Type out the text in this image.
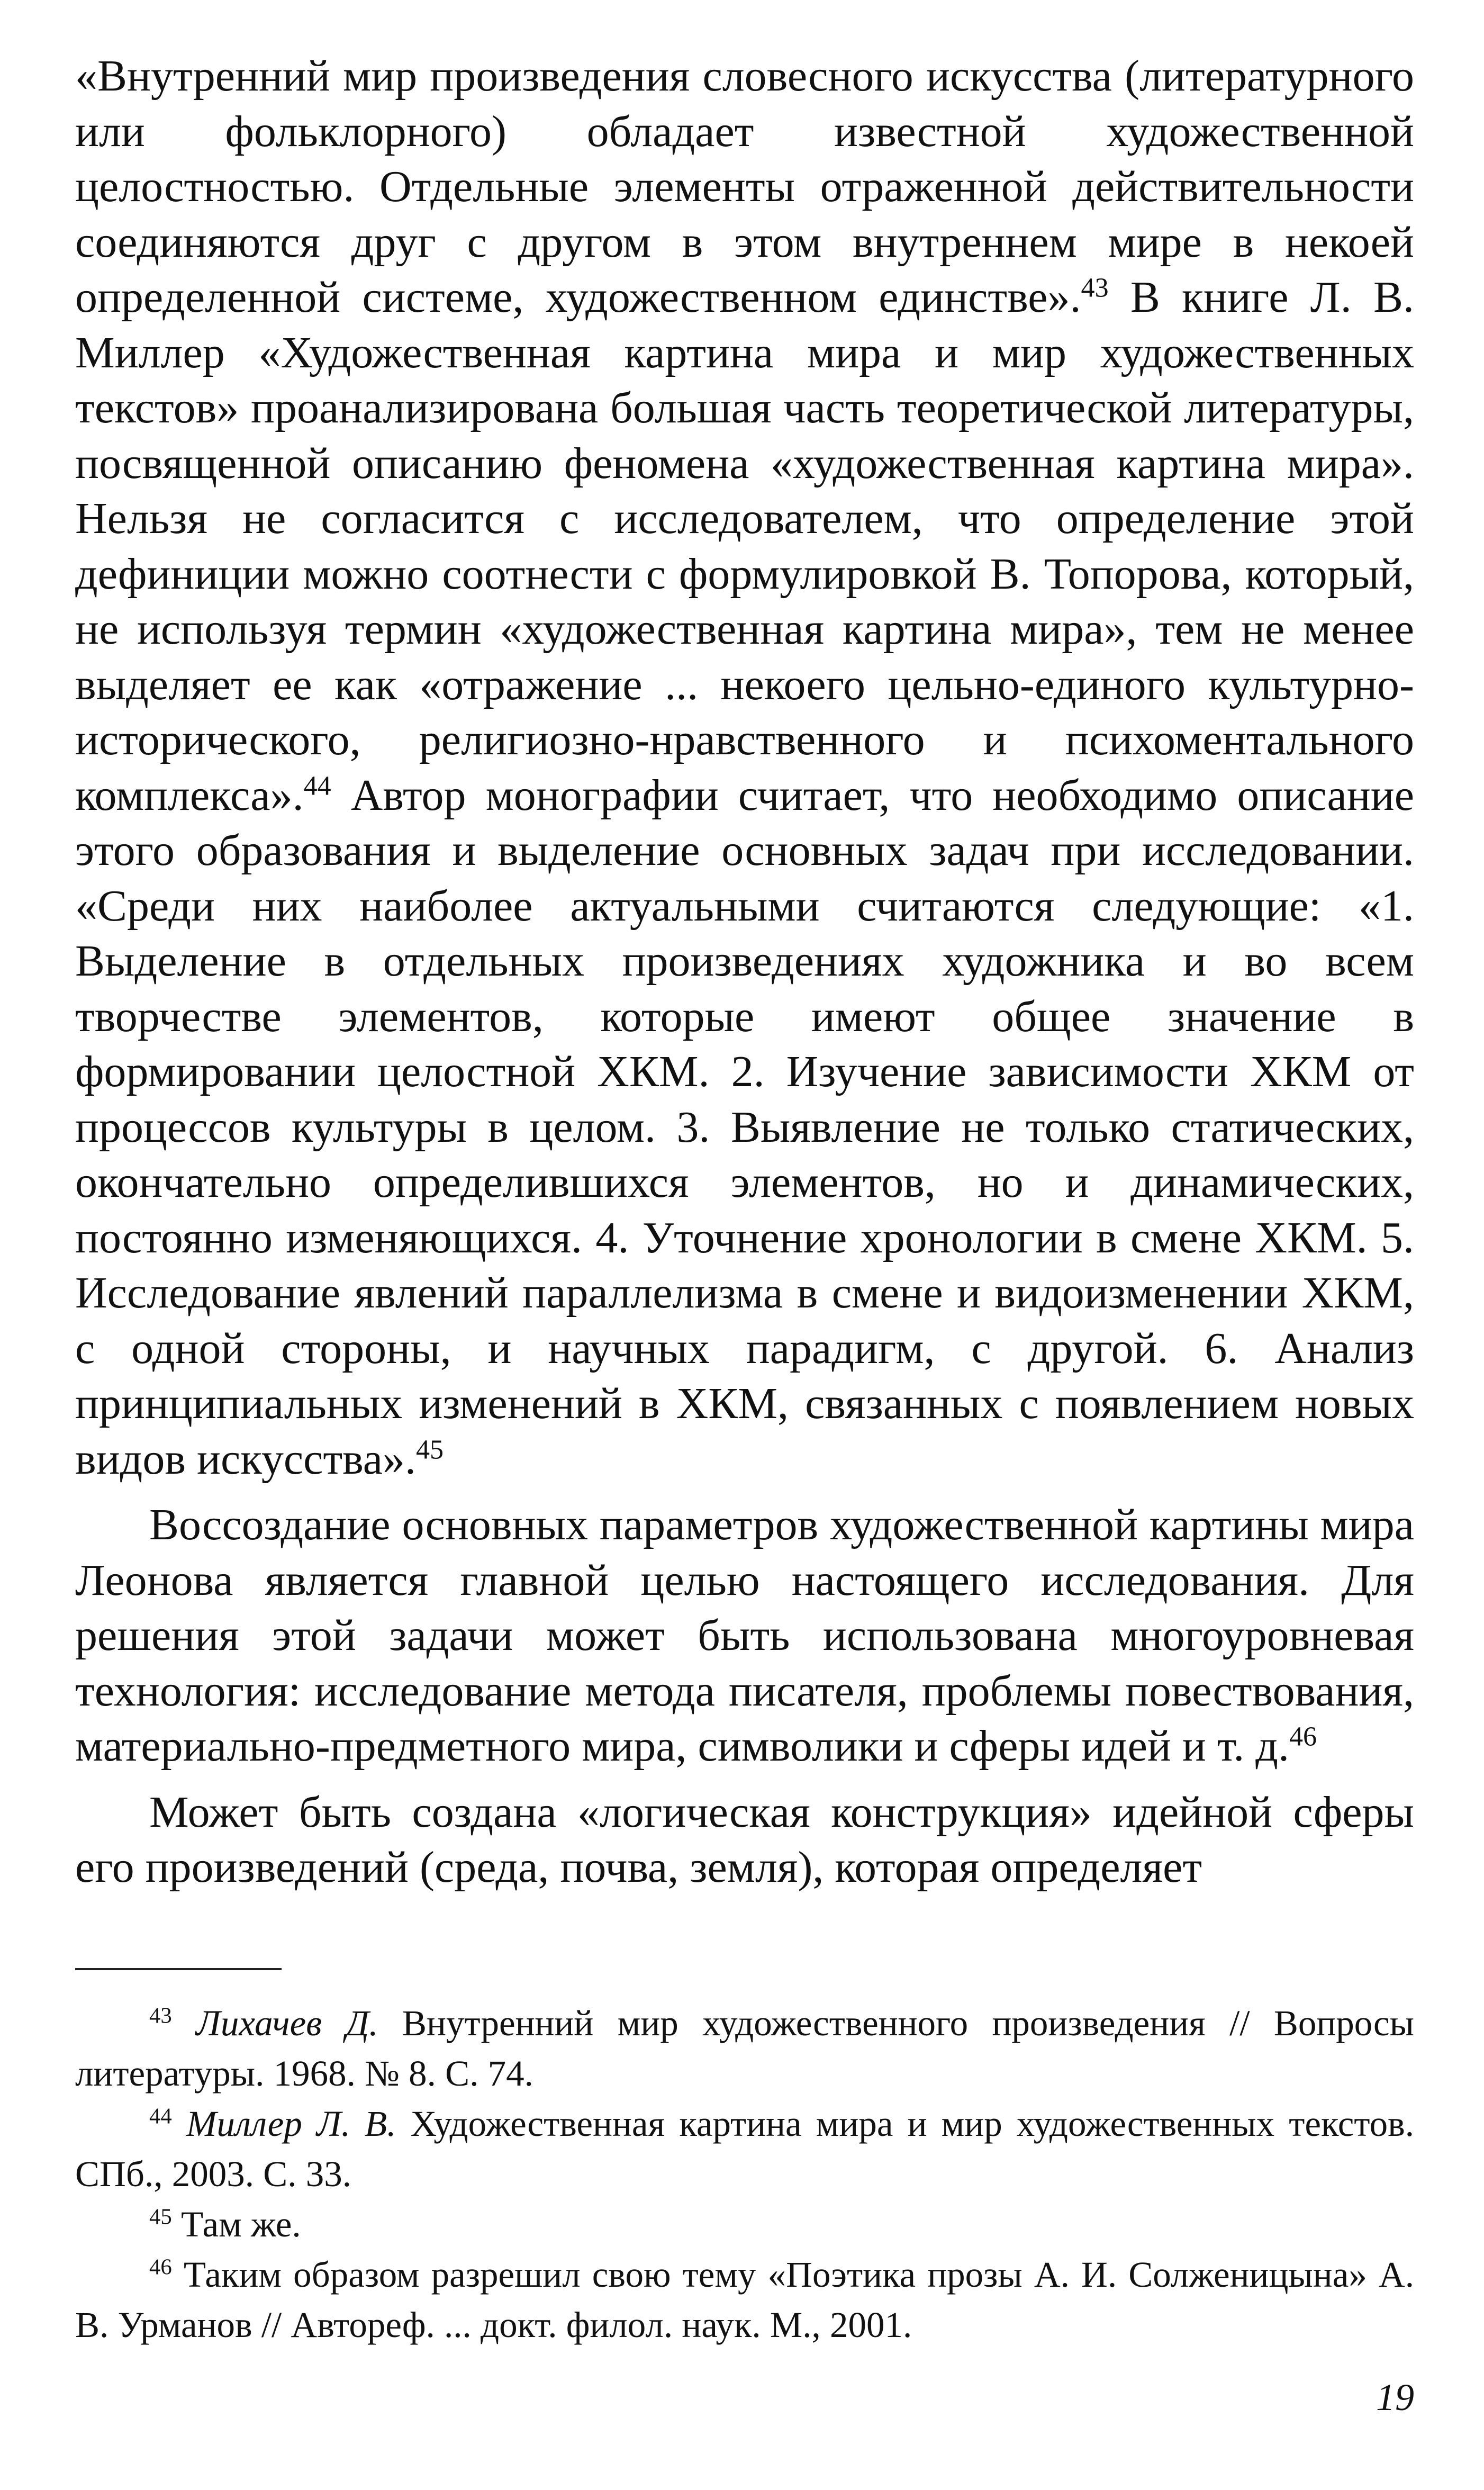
«Внутренний мир произведения словесного искусства (литературного или фольклорного) обладает известной художественной целостностью. Отдельные элементы отраженной действительности соединяются друг с другом в этом внутреннем мире в некоей определенной системе, художественном единстве».$^{43}$ В книге Л. В. Миллер «Художественная картина мира и мир художественных текстов» проанализирована большая часть теоретической литературы, посвященной описанию феномена «художественная картина мира». Нельзя не согласится с исследователем, что определение этой дефиниции можно соотнести с формулировкой В. Топорова, который, не используя термин «художественная картина мира», тем не менее выделяет ее как «отражение ... некоего цельно-единого культурно-исторического, религиозно-нравственного и психоментального комплекса».$^{44}$ Автор монографии считает, что необходимо описание этого образования и выделение основных задач при исследовании. «Среди них наиболее актуальными считаются следующие: «1. Выделение в отдельных произведениях художника и во всем творчестве элементов, которые имеют общее значение в формировании целостной ХКМ. 2. Изучение зависимости ХКМ от процессов культуры в целом. 3. Выявление не только статических, окончательно определившихся элементов, но и динамических, постоянно изменяющихся. 4. Уточнение хронологии в смене ХКМ. 5. Исследование явлений параллелизма в смене и видоизменении ХКМ, с одной стороны, и научных парадигм, с другой. 6. Анализ принципиальных изменений в ХКМ, связанных с появлением новых видов искусства».$^{45}$

Воссоздание основных параметров художественной картины мира Леонова является главной целью настоящего исследования. Для решения этой задачи может быть использована многоуровневая технология: исследование метода писателя, проблемы повествования, материально-предметного мира, символики и сферы идей и т. д.$^{46}$

Может быть создана «логическая конструкция» идейной сферы его произведений (среда, почва, земля), которая определяет

$^{43}$ Лихачев Д. Внутренний мир художественного произведения // Вопросы литературы. 1968. № 8. С. 74.

$^{44}$ Миллер Л. В. Художественная картина мира и мир художественных текстов. СПб., 2003. С. 33.

$^{45}$ Там же.

$^{46}$ Таким образом разрешил свою тему «Поэтика прозы А. И. Солженицына» А. В. Урманов // Автореф. ... докт. филол. наук. М., 2001.

19
